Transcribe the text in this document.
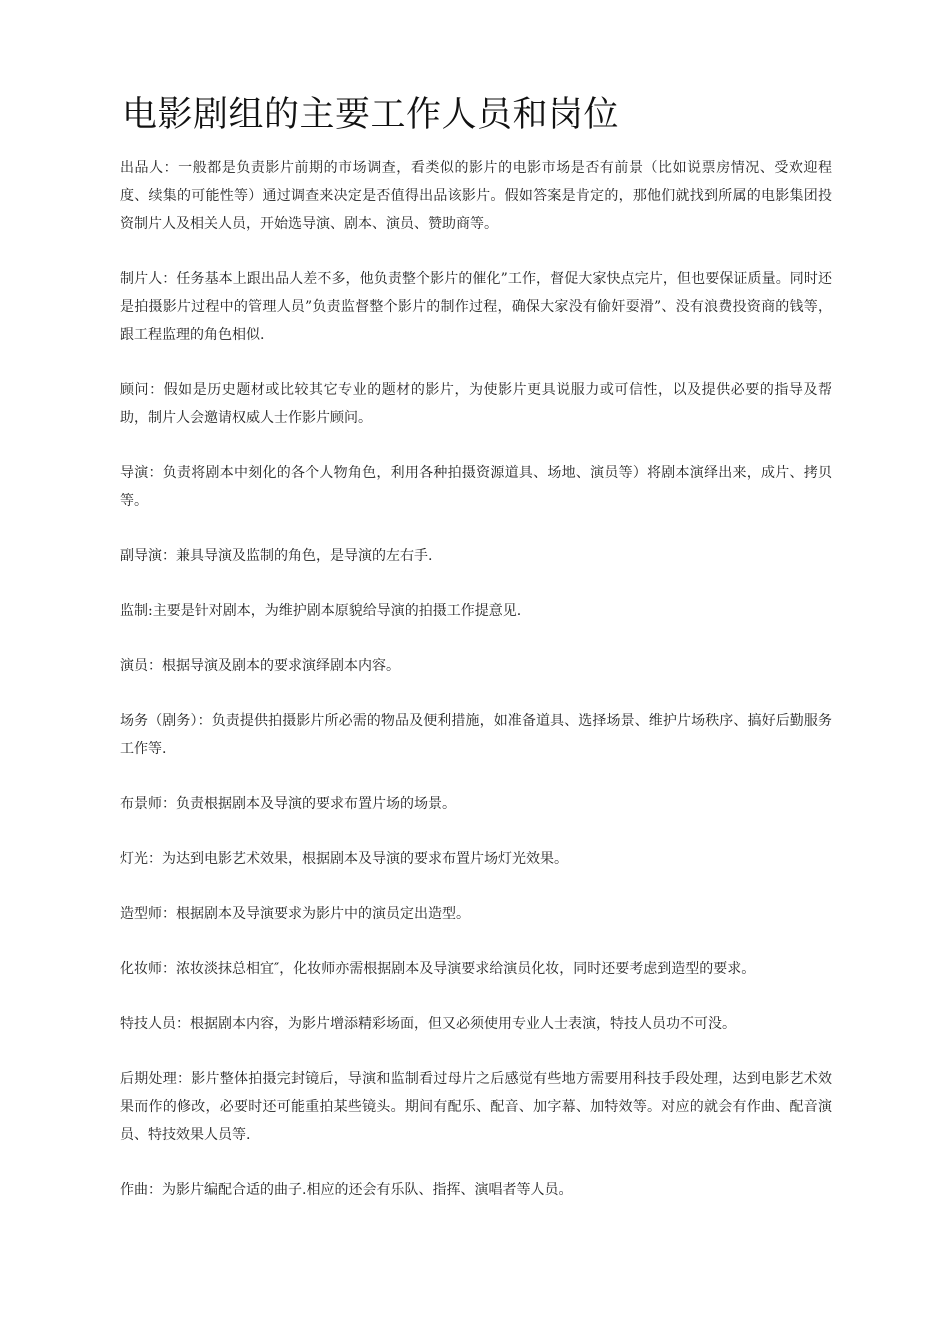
电影剧组的主要工作人员和岗位

出品人：一般都是负责影片前期的市场调查，看类似的影片的电影市场是否有前景（比如说票房情况、受欢迎程度、续集的可能性等）通过调查来决定是否值得出品该影片。假如答案是肯定的，那他们就找到所属的电影集团投资制片人及相关人员，开始选导演、剧本、演员、赞助商等。

制片人：任务基本上跟出品人差不多，他负责整个影片的催化”工作，督促大家快点完片，但也要保证质量。同时还是拍摄影片过程中的管理人员”负责监督整个影片的制作过程，确保大家没有偷奸耍滑”、没有浪费投资商的钱等，跟工程监理的角色相似.

顾问：假如是历史题材或比较其它专业的题材的影片，为使影片更具说服力或可信性，以及提供必要的指导及帮助，制片人会邀请权威人士作影片顾问。

导演：负责将剧本中刻化的各个人物角色，利用各种拍摄资源道具、场地、演员等）将剧本演绎出来，成片、拷贝等。

副导演：兼具导演及监制的角色，是导演的左右手.

监制:主要是针对剧本，为维护剧本原貌给导演的拍摄工作提意见.

演员：根据导演及剧本的要求演绎剧本内容。

场务（剧务）：负责提供拍摄影片所必需的物品及便利措施，如准备道具、选择场景、维护片场秩序、搞好后勤服务工作等.

布景师：负责根据剧本及导演的要求布置片场的场景。

灯光：为达到电影艺术效果，根据剧本及导演的要求布置片场灯光效果。

造型师：根据剧本及导演要求为影片中的演员定出造型。

化妆师：浓妆淡抹总相宜″，化妆师亦需根据剧本及导演要求给演员化妆，同时还要考虑到造型的要求。

特技人员：根据剧本内容，为影片增添精彩场面，但又必须使用专业人士表演，特技人员功不可没。

后期处理：影片整体拍摄完封镜后，导演和监制看过母片之后感觉有些地方需要用科技手段处理，达到电影艺术效果而作的修改，必要时还可能重拍某些镜头。期间有配乐、配音、加字幕、加特效等。对应的就会有作曲、配音演员、特技效果人员等.

作曲：为影片编配合适的曲子.相应的还会有乐队、指挥、演唱者等人员。
